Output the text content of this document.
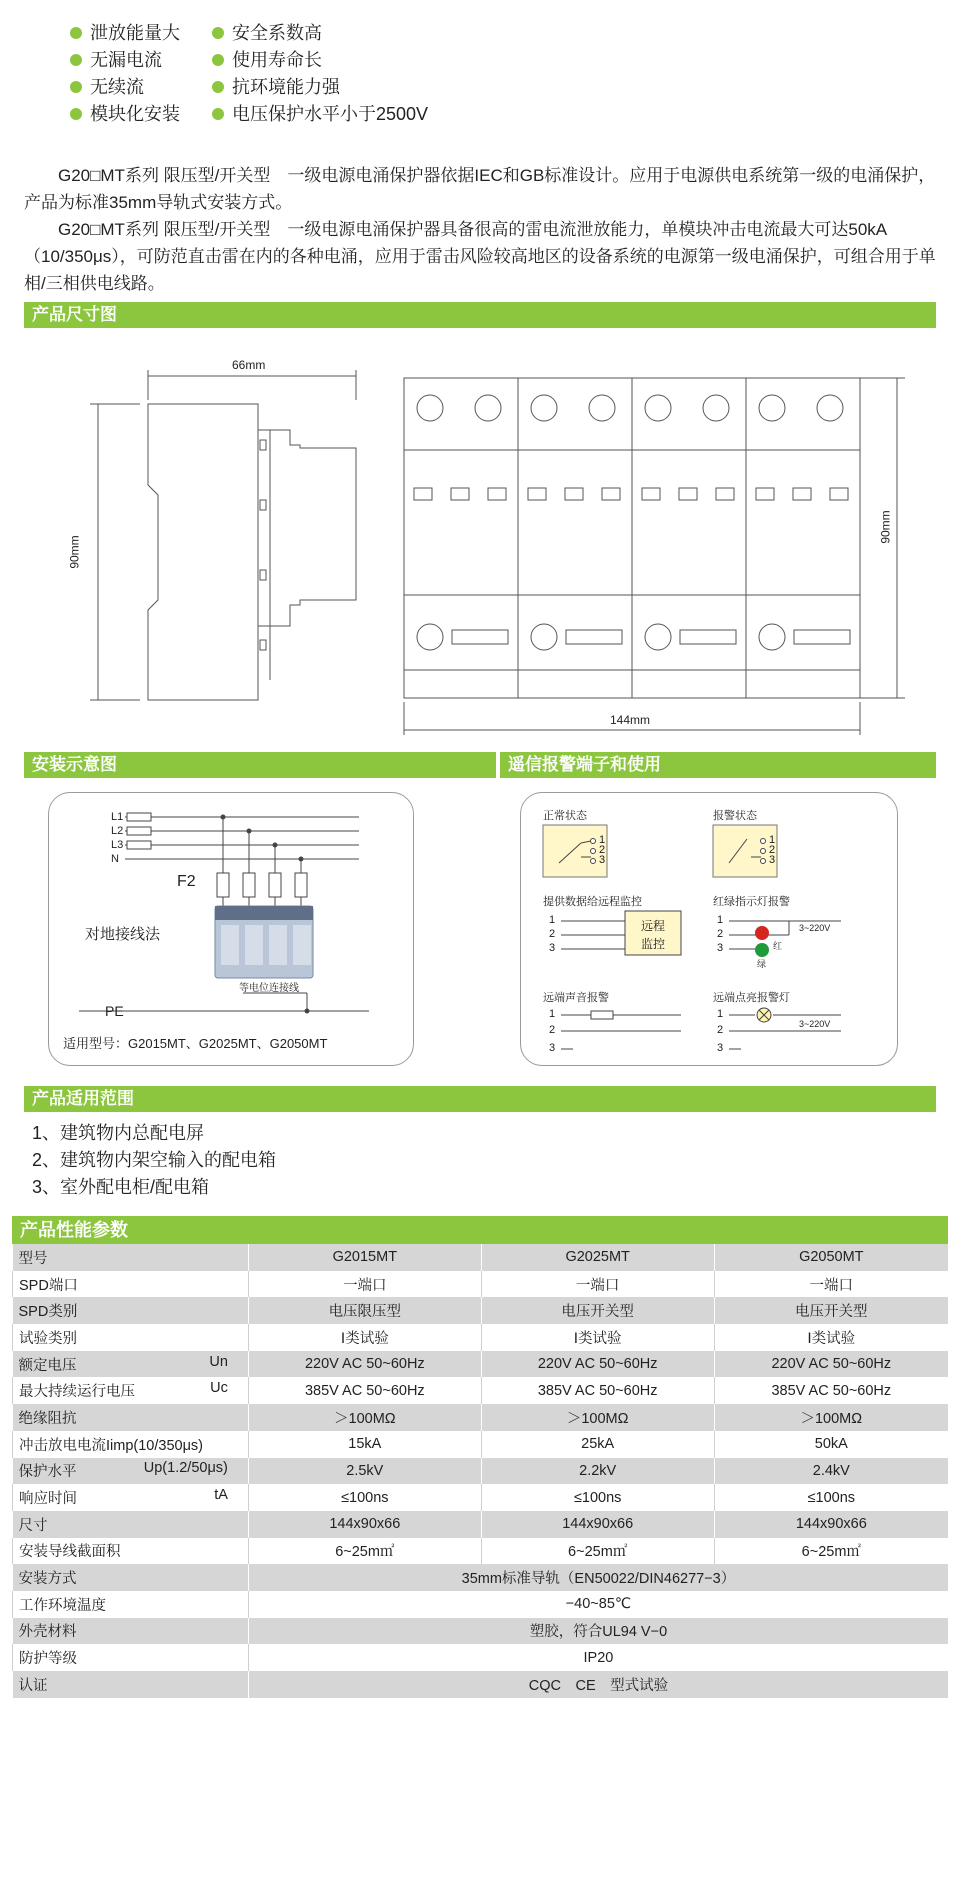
泄放能量大	安全系数高
无漏电流	使用寿命长
无续流	抗环境能力强
模块化安装	电压保护水平小于2500V

G20□MT系列 限压型/开关型　一级电源电涌保护器依据IEC和GB标准设计。应用于电源供电系统第一级的电涌保护，产品为标准35mm导轨式安装方式。

G20□MT系列 限压型/开关型　一级电源电涌保护器具备很高的雷电流泄放能力，单模块冲击电流最大可达50kA（10/350μs），可防范直击雷在内的各种电涌，应用于雷击风险较高地区的设备系统的电源第一级电涌保护，可组合用于单相/三相供电线路。

产品尺寸图
66mm
90mm
90mm
144mm
安装示意图	遥信报警端子和使用
L1
L2
L3
N
F2
对地接线法
等电位连接线
PE
适用型号：G2015MT、G2025MT、G2050MT
正常状态	报警状态
1
2
3
1
2
3
提供数据给远程监控	红绿指示灯报警
1
2
3
远程
监控
1
2
3
3~220V
红
绿
远端声音报警	远端点亮报警灯
1
2
3
1
2
3
3~220V
产品适用范围
1、建筑物内总配电屏
2、建筑物内架空输入的配电箱
3、室外配电柜/配电箱
产品性能参数
型号	G2015MT	G2025MT	G2050MT

SPD端口	一端口	一端口	一端口

SPD类别	电压限压型	电压开关型	电压开关型

试验类别	Ⅰ类试验	Ⅰ类试验	Ⅰ类试验

额定电压 Un	220V AC 50~60Hz	220V AC 50~60Hz	220V AC 50~60Hz

最大持续运行电压 Uc	385V AC 50~60Hz	385V AC 50~60Hz	385V AC 50~60Hz

绝缘阻抗	＞100MΩ	＞100MΩ	＞100MΩ

冲击放电电流Iimp(10/350μs)	15kA	25kA	50kA

保护水平 Up(1.2/50μs)	2.5kV	2.2kV	2.4kV

响应时间 tA	≤100ns	≤100ns	≤100ns

尺寸	144x90x66	144x90x66	144x90x66

安装导线截面积	6~25m㎡	6~25m㎡	6~25m㎡
安装方式	35mm标准导轨（EN50022/DIN46277−3）		
工作环境温度	−40~85℃		
外壳材料	塑胶，符合UL94 V−0		
防护等级	IP20		
认证	CQC　CE　型式试验		
